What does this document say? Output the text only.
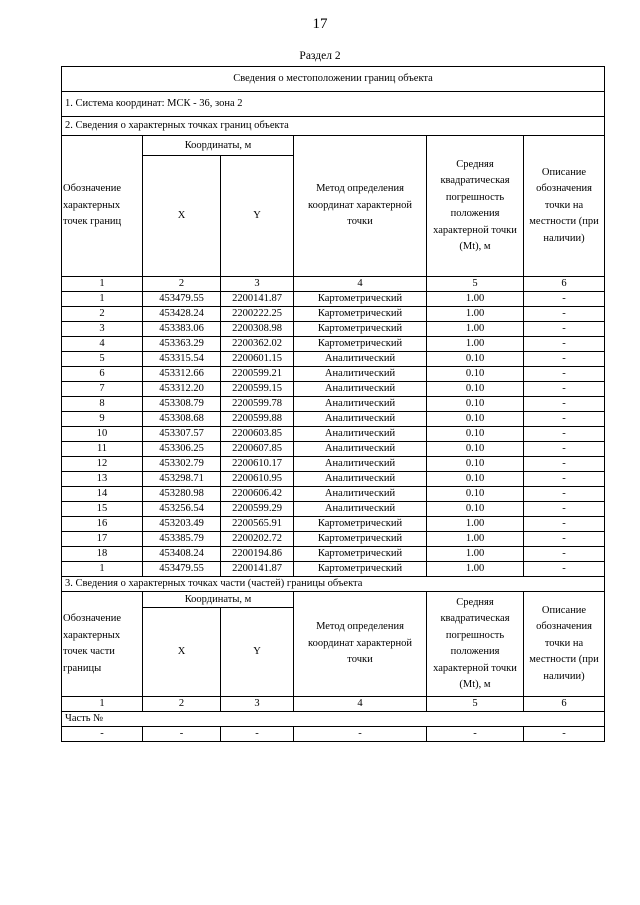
17
Раздел 2
Сведения о местоположении границ объекта					
1. Система координат: МСК - 36, зона 2					
2. Сведения о характерных точках границ объекта					
Обозначение характерных точек границ	Координаты, м		Метод определения координат характерной точки	Средняя квадратическая погрешность положения характерной точки (Mt), м	Описание обозначения точки на местности (при наличии)
	X	Y			
1	2	3	4	5	6
1	453479.55	2200141.87	Картометрический	1.00	-
2	453428.24	2200222.25	Картометрический	1.00	-
3	453383.06	2200308.98	Картометрический	1.00	-
4	453363.29	2200362.02	Картометрический	1.00	-
5	453315.54	2200601.15	Аналитический	0.10	-
6	453312.66	2200599.21	Аналитический	0.10	-
7	453312.20	2200599.15	Аналитический	0.10	-
8	453308.79	2200599.78	Аналитический	0.10	-
9	453308.68	2200599.88	Аналитический	0.10	-
10	453307.57	2200603.85	Аналитический	0.10	-
11	453306.25	2200607.85	Аналитический	0.10	-
12	453302.79	2200610.17	Аналитический	0.10	-
13	453298.71	2200610.95	Аналитический	0.10	-
14	453280.98	2200606.42	Аналитический	0.10	-
15	453256.54	2200599.29	Аналитический	0.10	-
16	453203.49	2200565.91	Картометрический	1.00	-
17	453385.79	2200202.72	Картометрический	1.00	-
18	453408.24	2200194.86	Картометрический	1.00	-
1	453479.55	2200141.87	Картометрический	1.00	-
3. Сведения о характерных точках части (частей) границы объекта					
Обозначение характерных точек части границы	Координаты, м		Метод определения координат характерной точки	Средняя квадратическая погрешность положения характерной точки (Mt), м	Описание обозначения точки на местности (при наличии)
	X	Y			
1	2	3	4	5	6
Часть №					
-	-	-	-	-	-
